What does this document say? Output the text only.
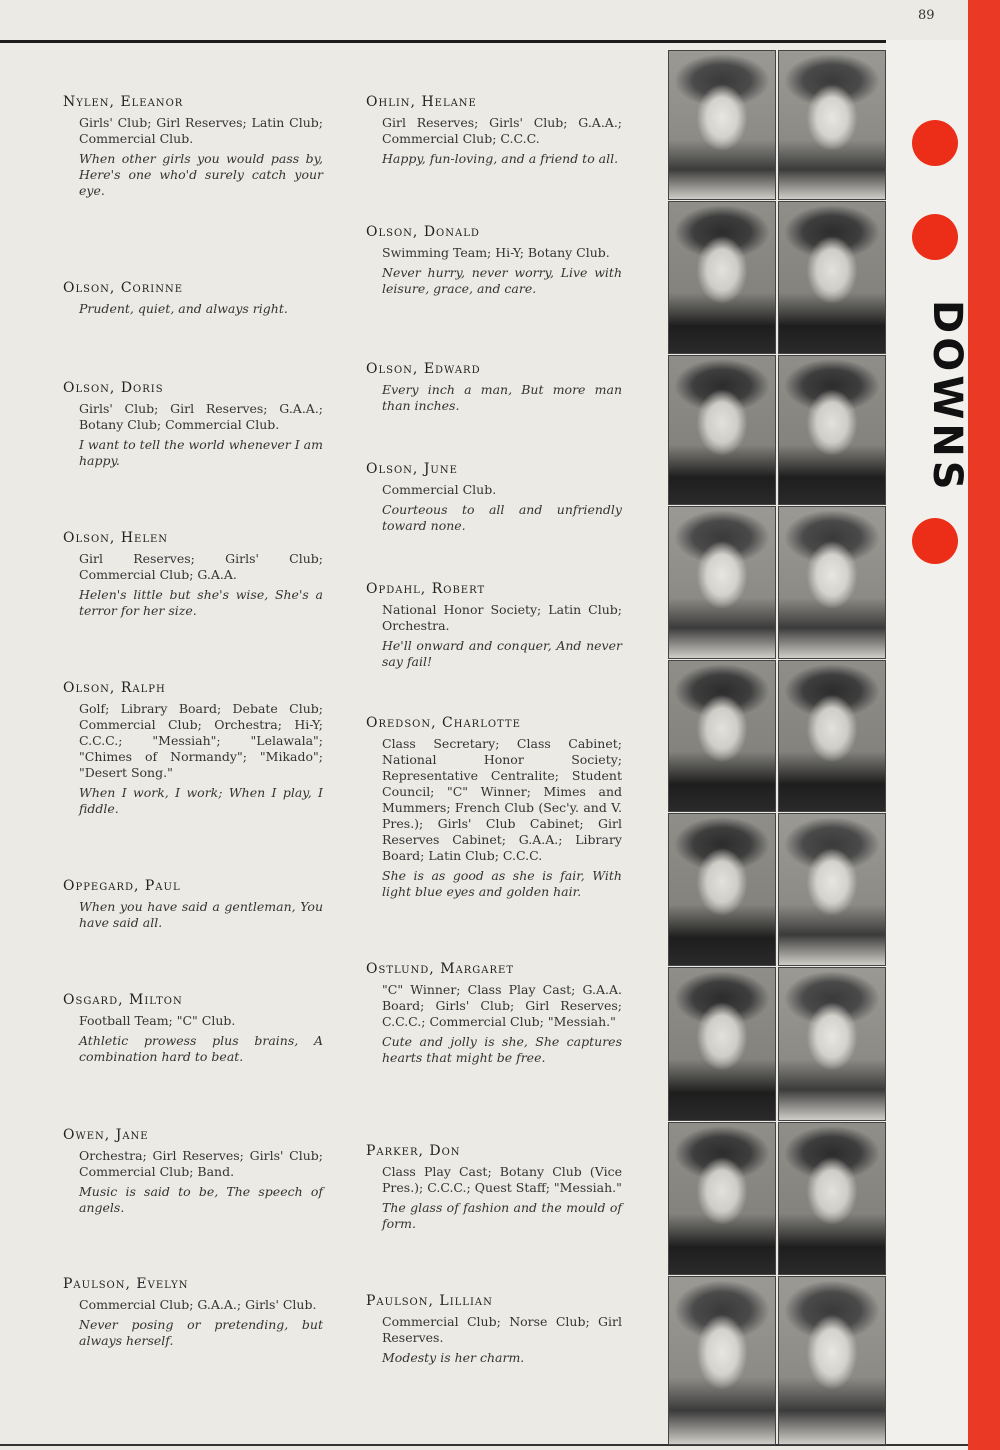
89
DOWNS
Nylen, Eleanor
Girls' Club; Girl Reserves; Latin Club; Commercial Club.
When other girls you would pass by, Here's one who'd surely catch your eye.
Olson, Corinne
Prudent, quiet, and always right.
Olson, Doris
Girls' Club; Girl Reserves; G.A.A.; Botany Club; Commercial Club.
I want to tell the world whenever I am happy.
Olson, Helen
Girl Reserves; Girls' Club; Commercial Club; G.A.A.
Helen's little but she's wise, She's a terror for her size.
Olson, Ralph
Golf; Library Board; Debate Club; Commercial Club; Orchestra; Hi-Y; C.C.C.; "Messiah"; "Lelawala"; "Chimes of Normandy"; "Mikado"; "Desert Song."
When I work, I work; When I play, I fiddle.
Oppegard, Paul
When you have said a gentleman, You have said all.
Osgard, Milton
Football Team; "C" Club.
Athletic prowess plus brains, A combination hard to beat.
Owen, Jane
Orchestra; Girl Reserves; Girls' Club; Commercial Club; Band.
Music is said to be, The speech of angels.
Paulson, Evelyn
Commercial Club; G.A.A.; Girls' Club.
Never posing or pretending, but always herself.
Ohlin, Helane
Girl Reserves; Girls' Club; G.A.A.; Commercial Club; C.C.C.
Happy, fun-loving, and a friend to all.
Olson, Donald
Swimming Team; Hi-Y; Botany Club.
Never hurry, never worry, Live with leisure, grace, and care.
Olson, Edward
Every inch a man, But more man than inches.
Olson, June
Commercial Club.
Courteous to all and unfriendly toward none.
Opdahl, Robert
National Honor Society; Latin Club; Orchestra.
He'll onward and conquer, And never say fail!
Oredson, Charlotte
Class Secretary; Class Cabinet; National Honor Society; Representative Centralite; Student Council; "C" Winner; Mimes and Mummers; French Club (Sec'y. and V. Pres.); Girls' Club Cabinet; Girl Reserves Cabinet; G.A.A.; Library Board; Latin Club; C.C.C.
She is as good as she is fair, With light blue eyes and golden hair.
Ostlund, Margaret
"C" Winner; Class Play Cast; G.A.A. Board; Girls' Club; Girl Reserves; C.C.C.; Commercial Club; "Messiah."
Cute and jolly is she, She captures hearts that might be free.
Parker, Don
Class Play Cast; Botany Club (Vice Pres.); C.C.C.; Quest Staff; "Messiah."
The glass of fashion and the mould of form.
Paulson, Lillian
Commercial Club; Norse Club; Girl Reserves.
Modesty is her charm.
